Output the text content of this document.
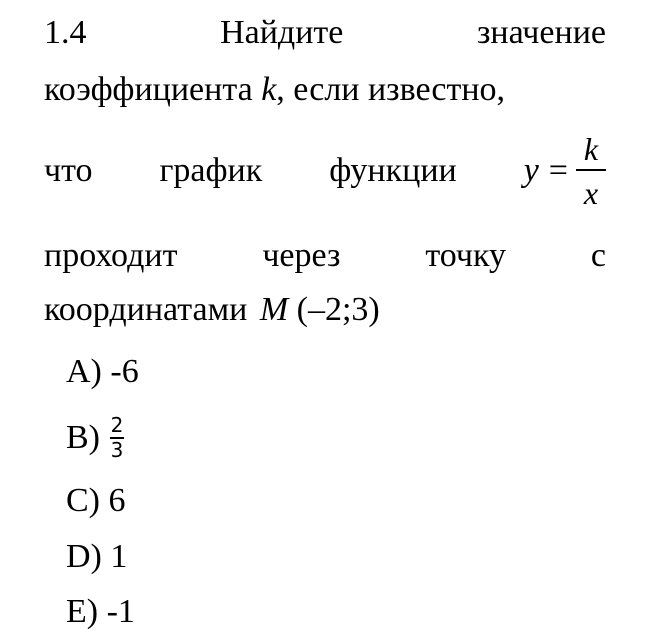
1.4	Найдите	значение
коэффициента k, если известно,
что график функции $y = \frac{k}{x}$
проходит через точку с
координатами M (–2;3)
A) -6
$B) \frac{2}{3}$
C) 6
D) 1
E) -1
